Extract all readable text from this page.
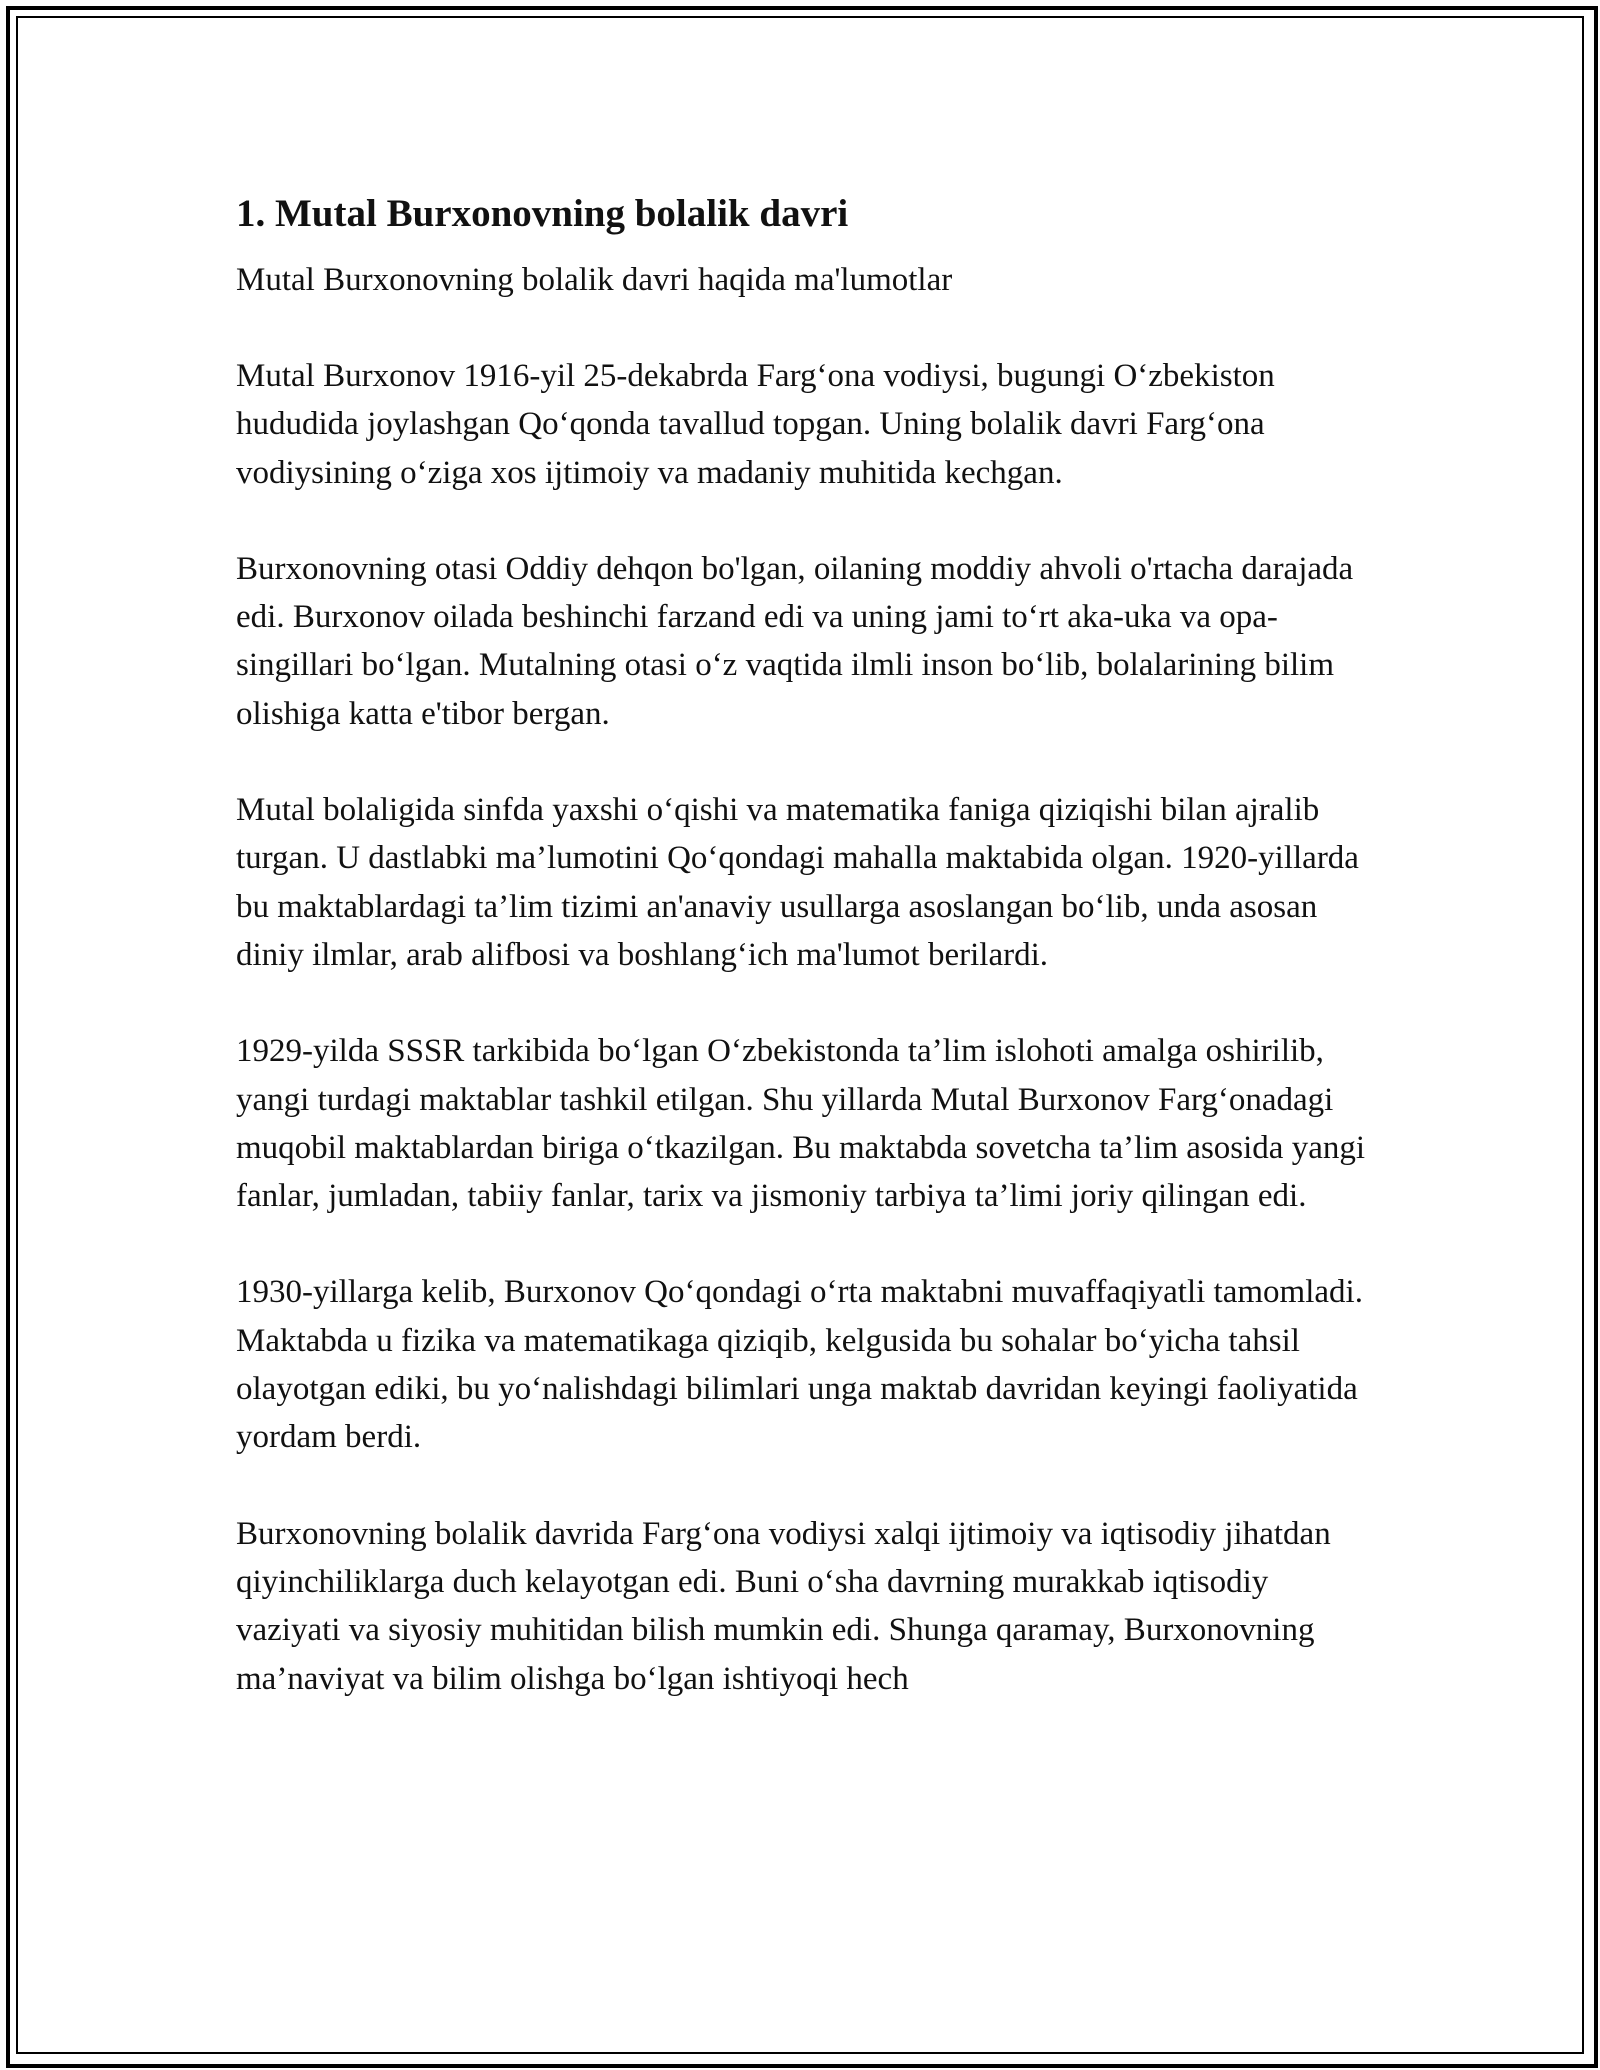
1. Mutal Burxonovning bolalik davri

Mutal Burxonovning bolalik davri haqida ma'lumotlar

Mutal Burxonov 1916-yil 25-dekabrda Farg‘ona vodiysi, bugungi O‘zbekiston hududida joylashgan Qo‘qonda tavallud topgan. Uning bolalik davri Farg‘ona vodiysining o‘ziga xos ijtimoiy va madaniy muhitida kechgan.

Burxonovning otasi Oddiy dehqon bo'lgan, oilaning moddiy ahvoli o'rtacha darajada edi. Burxonov oilada beshinchi farzand edi va uning jami to‘rt aka-uka va opa-singillari bo‘lgan. Mutalning otasi o‘z vaqtida ilmli inson bo‘lib, bolalarining bilim olishiga katta e'tibor bergan.

Mutal bolaligida sinfda yaxshi o‘qishi va matematika faniga qiziqishi bilan ajralib turgan. U dastlabki ma’lumotini Qo‘qondagi mahalla maktabida olgan. 1920-yillarda bu maktablardagi ta’lim tizimi an'anaviy usullarga asoslangan bo‘lib, unda asosan diniy ilmlar, arab alifbosi va boshlang‘ich ma'lumot berilardi.

1929-yilda SSSR tarkibida bo‘lgan O‘zbekistonda ta’lim islohoti amalga oshirilib, yangi turdagi maktablar tashkil etilgan. Shu yillarda Mutal Burxonov Farg‘onadagi muqobil maktablardan biriga o‘tkazilgan. Bu maktabda sovetcha ta’lim asosida yangi fanlar, jumladan, tabiiy fanlar, tarix va jismoniy tarbiya ta’limi joriy qilingan edi.

1930-yillarga kelib, Burxonov Qo‘qondagi o‘rta maktabni muvaffaqiyatli tamomladi. Maktabda u fizika va matematikaga qiziqib, kelgusida bu sohalar bo‘yicha tahsil olayotgan ediki, bu yo‘nalishdagi bilimlari unga maktab davridan keyingi faoliyatida yordam berdi.

Burxonovning bolalik davrida Farg‘ona vodiysi xalqi ijtimoiy va iqtisodiy jihatdan qiyinchiliklarga duch kelayotgan edi. Buni o‘sha davrning murakkab iqtisodiy vaziyati va siyosiy muhitidan bilish mumkin edi. Shunga qaramay, Burxonovning ma’naviyat va bilim olishga bo‘lgan ishtiyoqi hech
